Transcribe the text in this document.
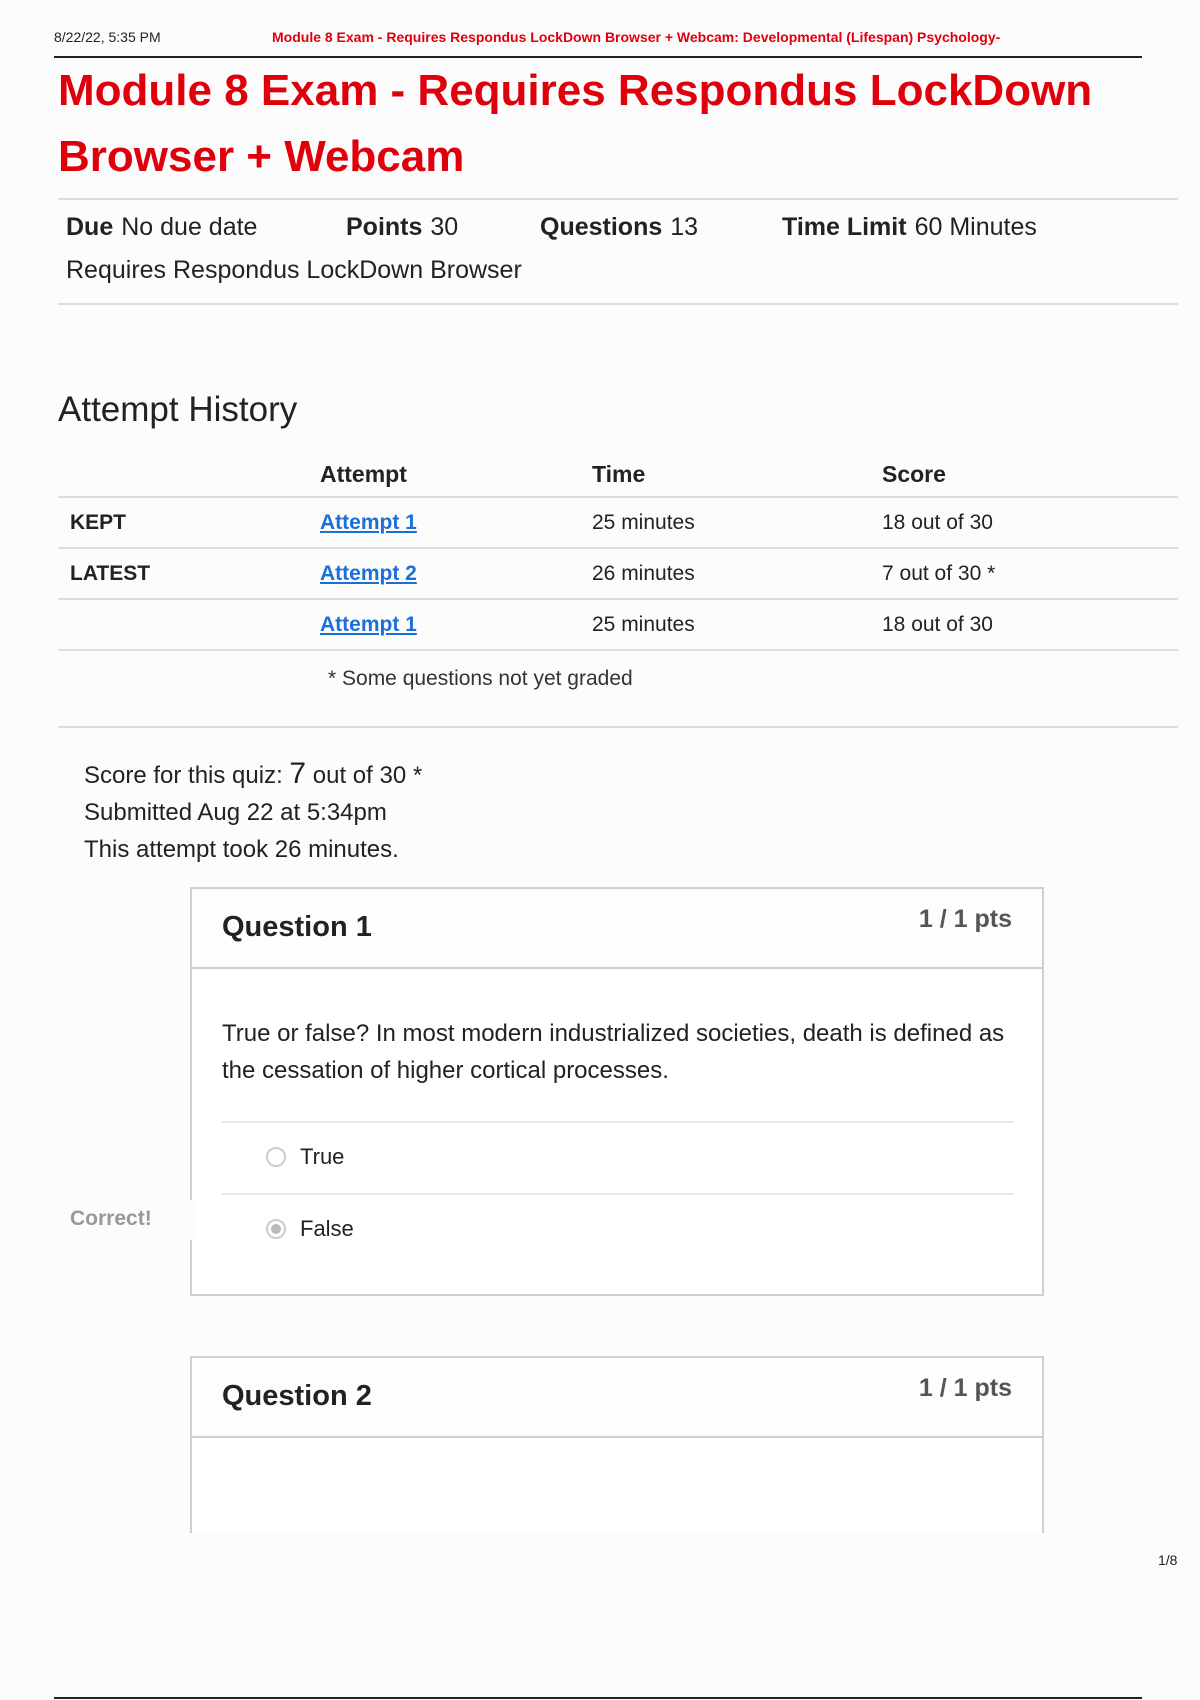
8/22/22, 5:35 PM	Module 8 Exam - Requires Respondus LockDown Browser + Webcam: Developmental (Lifespan) Psychology-
Module 8 Exam - Requires Respondus LockDown Browser + Webcam
Due No due date	Points 30	Questions 13	Time Limit 60 Minutes
Requires Respondus LockDown Browser
Attempt History
	Attempt	Time	Score
KEPT	Attempt 1	25 minutes	18 out of 30
LATEST	Attempt 2	26 minutes	7 out of 30 *
	Attempt 1	25 minutes	18 out of 30
* Some questions not yet graded
Score for this quiz: 7 out of 30 *
Submitted Aug 22 at 5:34pm
This attempt took 26 minutes.
Question 1	1 / 1 pts
True or false? In most modern industrialized societies, death is defined as the cessation of higher cortical processes.
True
False
Correct!
Question 2	1 / 1 pts
1/8
